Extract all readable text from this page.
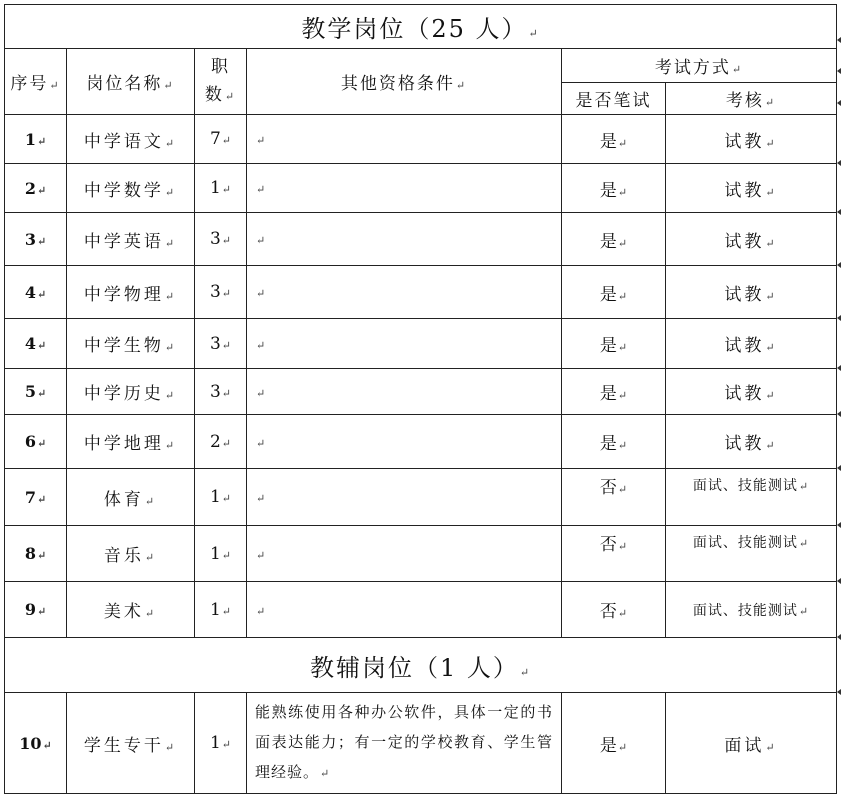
教学岗位（25 人）↵					
序号↵	岗位名称↵	职
数↵	其他资格条件↵	考试方式↵	
				是否笔试	考核↵
1↵	中学语文↵	7↵	↵	是↵	试教↵
2↵	中学数学↵	1↵	↵	是↵	试教↵
3↵	中学英语↵	3↵	↵	是↵	试教↵
4↵	中学物理↵	3↵	↵	是↵	试教↵
4↵	中学生物↵	3↵	↵	是↵	试教↵
5↵	中学历史↵	3↵	↵	是↵	试教↵
6↵	中学地理↵	2↵	↵	是↵	试教↵
7↵	体育↵	1↵	↵	否↵	面试、技能测试↵
8↵	音乐↵	1↵	↵	否↵	面试、技能测试↵
9↵	美术↵	1↵	↵	否↵	面试、技能测试↵
教辅岗位（1 人）↵					
10↵	学生专干↵	1↵	能熟练使用各种办公软件，具体一定的书面表达能力；有一定的学校教育、学生管理经验。↵	是↵	面试↵
